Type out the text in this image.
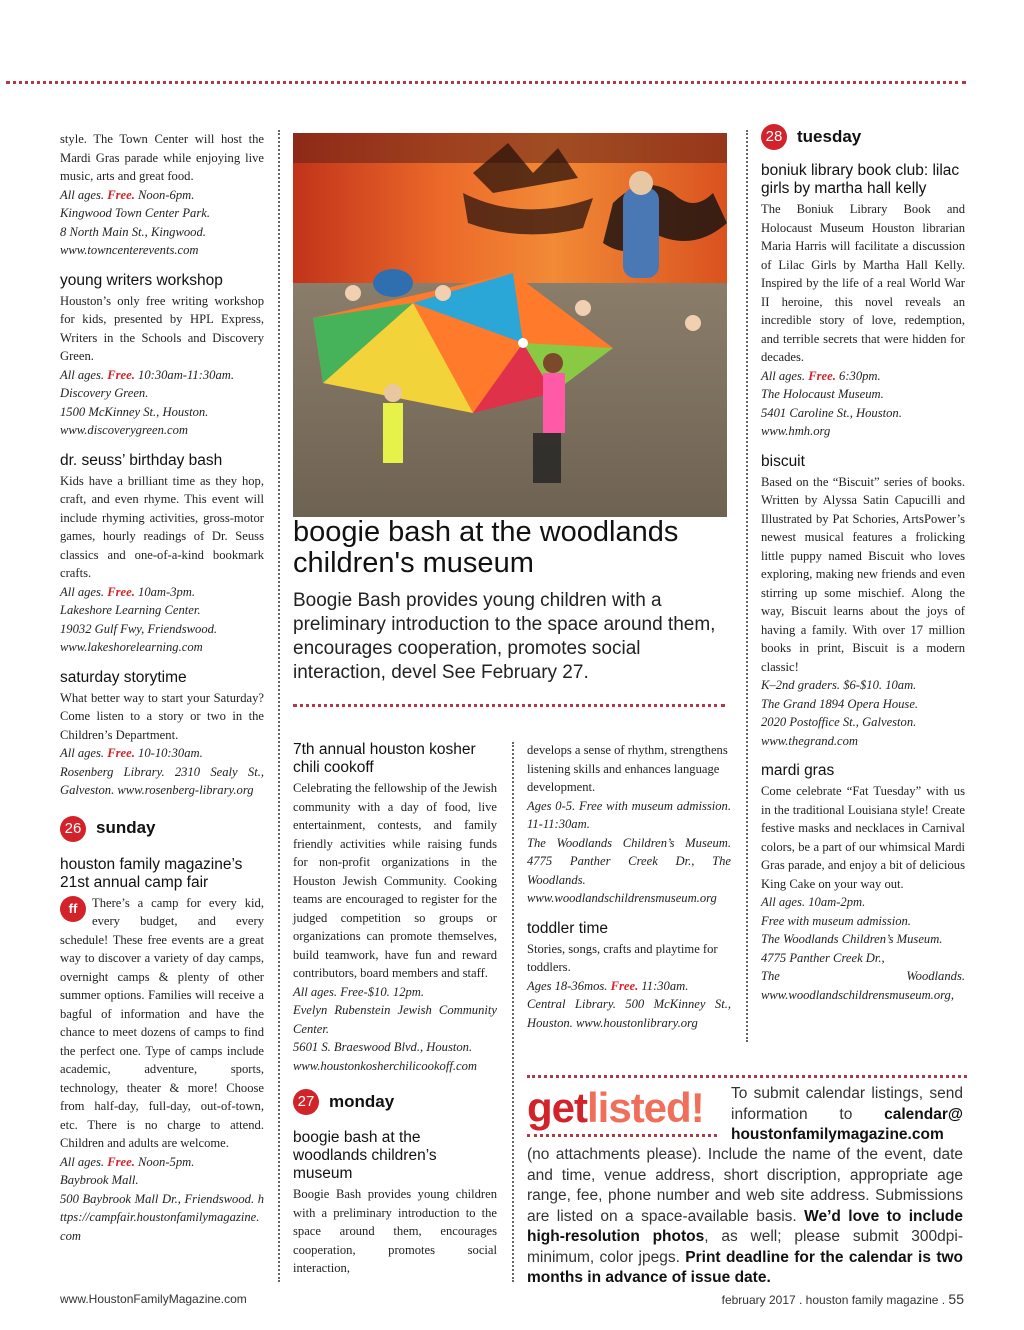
style. The Town Center will host the Mardi Gras parade while enjoying live music, arts and great food.

All ages. Free. Noon-6pm.

Kingwood Town Center Park.

8 North Main St., Kingwood.

www.towncenterevents.com

young writers workshop

Houston’s only free writing workshop for kids, presented by HPL Express, Writers in the Schools and Discovery Green.

All ages. Free. 10:30am-11:30am.

Discovery Green.

1500 McKinney St., Houston.

www.discoverygreen.com

dr. seuss’ birthday bash

Kids have a brilliant time as they hop, craft, and even rhyme. This event will include rhyming activities, gross-motor games, hourly readings of Dr. Seuss classics and one-of-a-kind bookmark crafts.

All ages. Free. 10am-3pm.

Lakeshore Learning Center.

19032 Gulf Fwy, Friendswood.

www.lakeshorelearning.com

saturday storytime

What better way to start your Saturday? Come listen to a story or two in the Children’s Department.

All ages. Free. 10-10:30am.

Rosenberg Library. 2310 Sealy St., Galveston. www.rosenberg-library.org

26 sunday
houston family magazine’s 21st annual camp fair

ff	There’s a camp for every kid, every budget, and every schedule! These free events are a great way to discover a variety of day camps, overnight camps & plenty of other summer options. Families will receive a bagful of information and have the chance to meet dozens of camps to find the perfect one. Type of camps include academic, adventure, sports, technology, theater & more! Choose from half-day, full-day, out-of-town, etc. There is no charge to attend. Children and adults are welcome.

All ages. Free. Noon-5pm.

Baybrook Mall.

500 Baybrook Mall Dr., Friendswood. https://campfair.houstonfamilymagazine.com

boogie bash at the woodlands children's museum
Boogie Bash provides young children with a preliminary introduction to the space around them, encourages cooperation, promotes social interaction, devel See February 27.
7th annual houston kosher chili cookoff

Celebrating the fellowship of the Jewish community with a day of food, live entertainment, contests, and family friendly activities while raising funds for non-profit organizations in the Houston Jewish Community. Cooking teams are encouraged to register for the judged competition so groups or organizations can promote themselves, build teamwork, have fun and reward contributors, board members and staff.

All ages. Free-$10. 12pm.

Evelyn Rubenstein Jewish Community Center.

5601 S. Braeswood Blvd., Houston.

www.houstonkosherchilicookoff.com

27 monday
boogie bash at the woodlands children’s museum

Boogie Bash provides young children with a preliminary introduction to the space around them, encourages cooperation, promotes social interaction,

develops a sense of rhythm, strengthens listening skills and enhances language development.

Ages 0-5. Free with museum admission. 11-11:30am.

The Woodlands Children’s Museum. 4775 Panther Creek Dr., The Woodlands. www.woodlandschildrensmuseum.org

toddler time

Stories, songs, crafts and playtime for toddlers.

Ages 18-36mos. Free. 11:30am.

Central Library. 500 McKinney St., Houston. www.houstonlibrary.org

28 tuesday
boniuk library book club: lilac girls by martha hall kelly

The Boniuk Library Book and Holocaust Museum Houston librarian Maria Harris will facilitate a discussion of Lilac Girls by Martha Hall Kelly. Inspired by the life of a real World War II heroine, this novel reveals an incredible story of love, redemption, and terrible secrets that were hidden for decades.

All ages. Free. 6:30pm.

The Holocaust Museum.

5401 Caroline St., Houston.

www.hmh.org

biscuit

Based on the “Biscuit” series of books. Written by Alyssa Satin Capucilli and Illustrated by Pat Schories, ArtsPower’s newest musical features a frolicking little puppy named Biscuit who loves exploring, making new friends and even stirring up some mischief. Along the way, Biscuit learns about the joys of having a family. With over 17 million books in print, Biscuit is a modern classic!

K–2nd graders. $6-$10. 10am.

The Grand 1894 Opera House.

2020 Postoffice St., Galveston.

www.thegrand.com

mardi gras

Come celebrate “Fat Tuesday” with us in the traditional Louisiana style! Create festive masks and necklaces in Carnival colors, be a part of our whimsical Mardi Gras parade, and enjoy a bit of delicious King Cake on your way out.

All ages. 10am-2pm.

Free with museum admission.

The Woodlands Children’s Museum.

4775 Panther Creek Dr.,

The Woodlands. www.woodlandschildrensmuseum.org,

getlisted!	To submit calendar listings, send information to calendar@ houstonfamilymagazine.com
(no attachments please). Include the name of the event, date and time, venue address, short discription, appropriate age range, fee, phone number and web site address. Submissions are listed on a space-available basis. We’d love to include high-resolution photos, as well; please submit 300dpi-minimum, color jpegs. Print deadline for the calendar is two months in advance of issue date.
www.HoustonFamilyMagazine.com	february 2017 . houston family magazine . 55
